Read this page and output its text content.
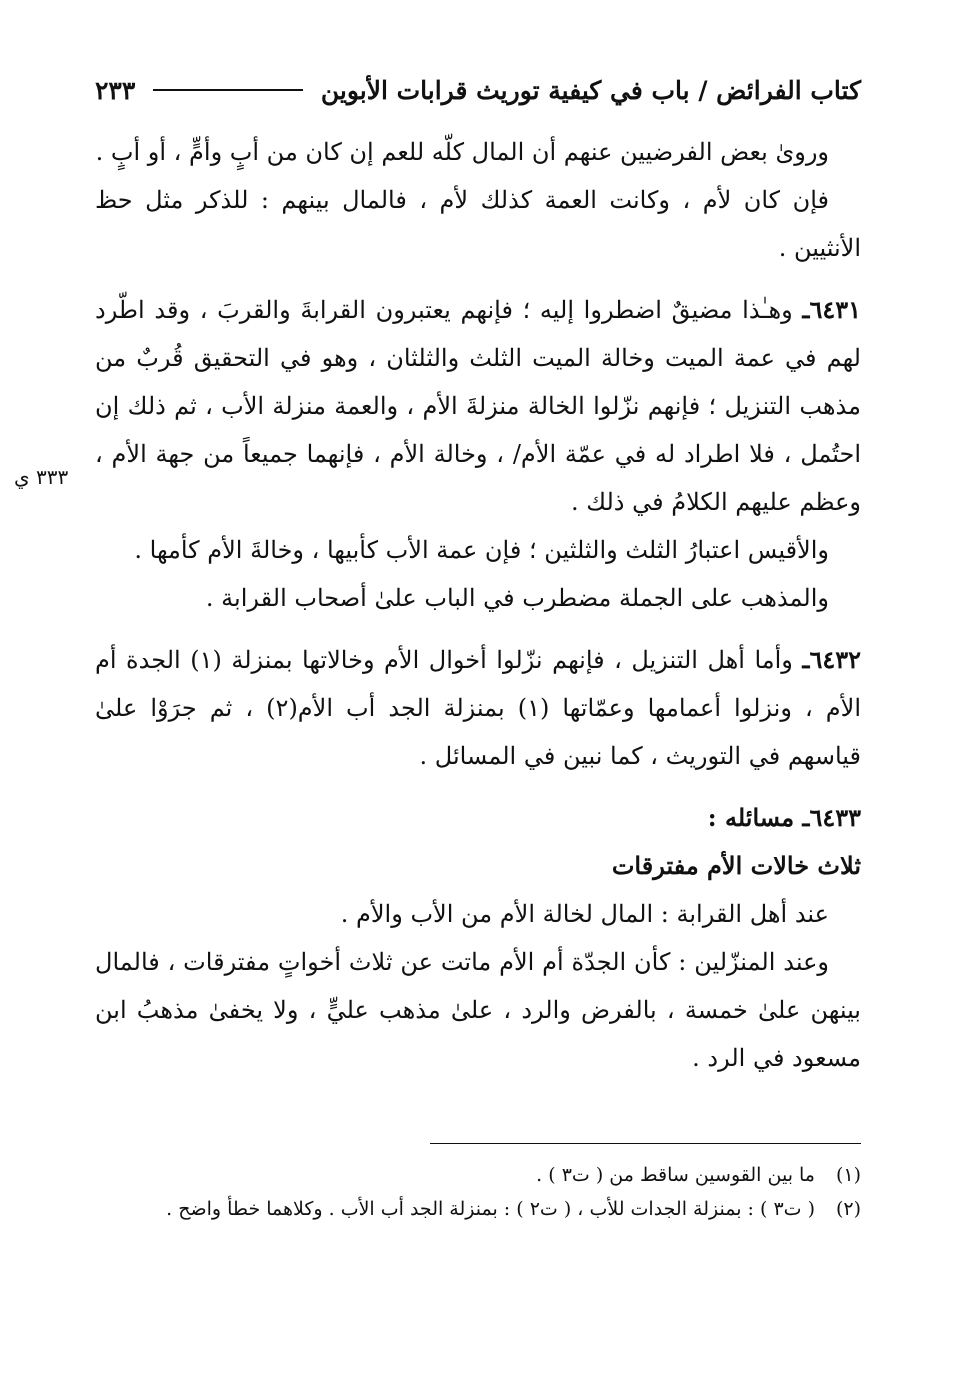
كتاب الفرائض / باب في كيفية توريث قرابات الأبوين
٢٣٣
٣٣٣ ي

وروىٰ بعض الفرضيين عنهم أن المال كلّه للعم إن كان من أبٍ وأمٍّ ، أو أبٍ .

فإن كان لأم ، وكانت العمة كذلك لأم ، فالمال بينهم : للذكر مثل حظ الأنثيين .

٦٤٣١ـ وهـٰذا مضيقٌ اضطروا إليه ؛ فإنهم يعتبرون القرابةَ والقربَ ، وقد اطّرد لهم في عمة الميت وخالة الميت الثلث والثلثان ، وهو في التحقيق قُربٌ من مذهب التنزيل ؛ فإنهم نزّلوا الخالة منزلةَ الأم ، والعمة منزلة الأب ، ثم ذلك إن احتُمل ، فلا اطراد له في عمّة الأم/ ، وخالة الأم ، فإنهما جميعاً من جهة الأم ، وعظم عليهم الكلامُ في ذلك .

والأقيس اعتبارُ الثلث والثلثين ؛ فإن عمة الأب كأبيها ، وخالةَ الأم كأمها .

والمذهب على الجملة مضطرب في الباب علىٰ أصحاب القرابة .

٦٤٣٢ـ وأما أهل التنزيل ، فإنهم نزّلوا أخوال الأم وخالاتها بمنزلة (١) الجدة أم الأم ، ونزلوا أعمامها وعمّاتها (١) بمنزلة الجد أب الأم(٢) ، ثم جرَوْا علىٰ قياسهم في التوريث ، كما نبين في المسائل .

٦٤٣٣ـ مسائله :

ثلاث خالات الأم مفترقات

عند أهل القرابة : المال لخالة الأم من الأب والأم .

وعند المنزّلين : كأن الجدّة أم الأم ماتت عن ثلاث أخواتٍ مفترقات ، فالمال بينهن علىٰ خمسة ، بالفرض والرد ، علىٰ مذهب عليٍّ ، ولا يخفىٰ مذهبُ ابن مسعود في الرد .

(١)
ما بين القوسين ساقط من ( ت٣ ) .
(٢)
( ت٣ ) : بمنزلة الجدات للأب ، ( ت٢ ) : بمنزلة الجد أب الأب . وكلاهما خطأ واضح .
